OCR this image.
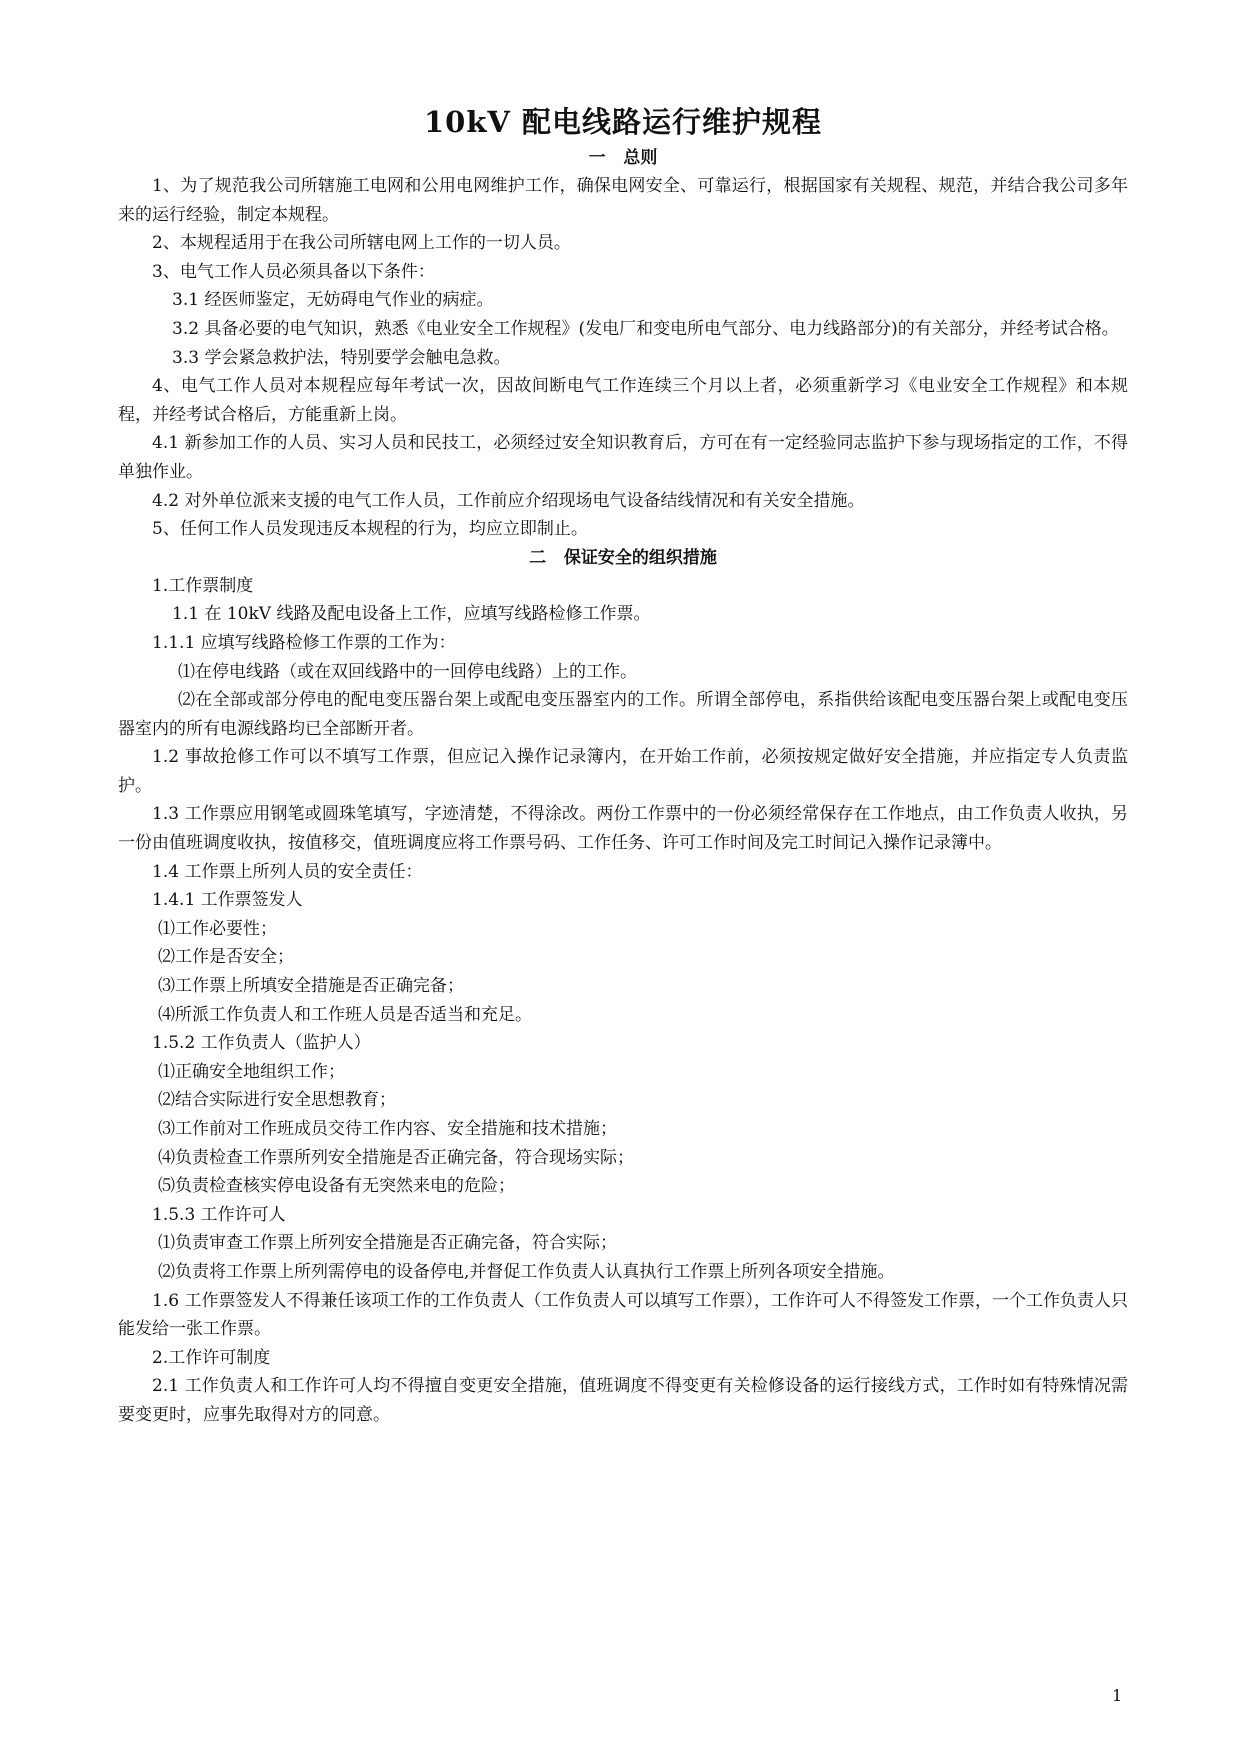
10kV 配电线路运行维护规程
一   总则

1、为了规范我公司所辖施工电网和公用电网维护工作，确保电网安全、可靠运行，根据国家有关规程、规范，并结合我公司多年来的运行经验，制定本规程。

2、本规程适用于在我公司所辖电网上工作的一切人员。

3、电气工作人员必须具备以下条件：

3.1 经医师鉴定，无妨碍电气作业的病症。

3.2 具备必要的电气知识，熟悉《电业安全工作规程》(发电厂和变电所电气部分、电力线路部分)的有关部分，并经考试合格。

3.3 学会紧急救护法，特别要学会触电急救。

4、电气工作人员对本规程应每年考试一次，因故间断电气工作连续三个月以上者，必须重新学习《电业安全工作规程》和本规程，并经考试合格后，方能重新上岗。

4.1 新参加工作的人员、实习人员和民技工，必须经过安全知识教育后，方可在有一定经验同志监护下参与现场指定的工作，不得单独作业。

4.2 对外单位派来支援的电气工作人员，工作前应介绍现场电气设备结线情况和有关安全措施。

5、任何工作人员发现违反本规程的行为，均应立即制止。

二   保证安全的组织措施

1.工作票制度

1.1 在 10kV 线路及配电设备上工作，应填写线路检修工作票。

1.1.1 应填写线路检修工作票的工作为：

⑴在停电线路（或在双回线路中的一回停电线路）上的工作。

⑵在全部或部分停电的配电变压器台架上或配电变压器室内的工作。所谓全部停电，系指供给该配电变压器台架上或配电变压器室内的所有电源线路均已全部断开者。

1.2 事故抢修工作可以不填写工作票，但应记入操作记录簿内，在开始工作前，必须按规定做好安全措施，并应指定专人负责监护。

1.3 工作票应用钢笔或圆珠笔填写，字迹清楚，不得涂改。两份工作票中的一份必须经常保存在工作地点，由工作负责人收执，另一份由值班调度收执，按值移交，值班调度应将工作票号码、工作任务、许可工作时间及完工时间记入操作记录簿中。

1.4 工作票上所列人员的安全责任：

1.4.1 工作票签发人

⑴工作必要性；

⑵工作是否安全；

⑶工作票上所填安全措施是否正确完备；

⑷所派工作负责人和工作班人员是否适当和充足。

1.5.2 工作负责人（监护人）

⑴正确安全地组织工作；

⑵结合实际进行安全思想教育；

⑶工作前对工作班成员交待工作内容、安全措施和技术措施；

⑷负责检查工作票所列安全措施是否正确完备，符合现场实际；

⑸负责检查核实停电设备有无突然来电的危险；

1.5.3 工作许可人

⑴负责审查工作票上所列安全措施是否正确完备，符合实际；

⑵负责将工作票上所列需停电的设备停电,并督促工作负责人认真执行工作票上所列各项安全措施。

1.6 工作票签发人不得兼任该项工作的工作负责人（工作负责人可以填写工作票），工作许可人不得签发工作票，一个工作负责人只能发给一张工作票。

2.工作许可制度

2.1 工作负责人和工作许可人均不得擅自变更安全措施，值班调度不得变更有关检修设备的运行接线方式，工作时如有特殊情况需要变更时，应事先取得对方的同意。

1
